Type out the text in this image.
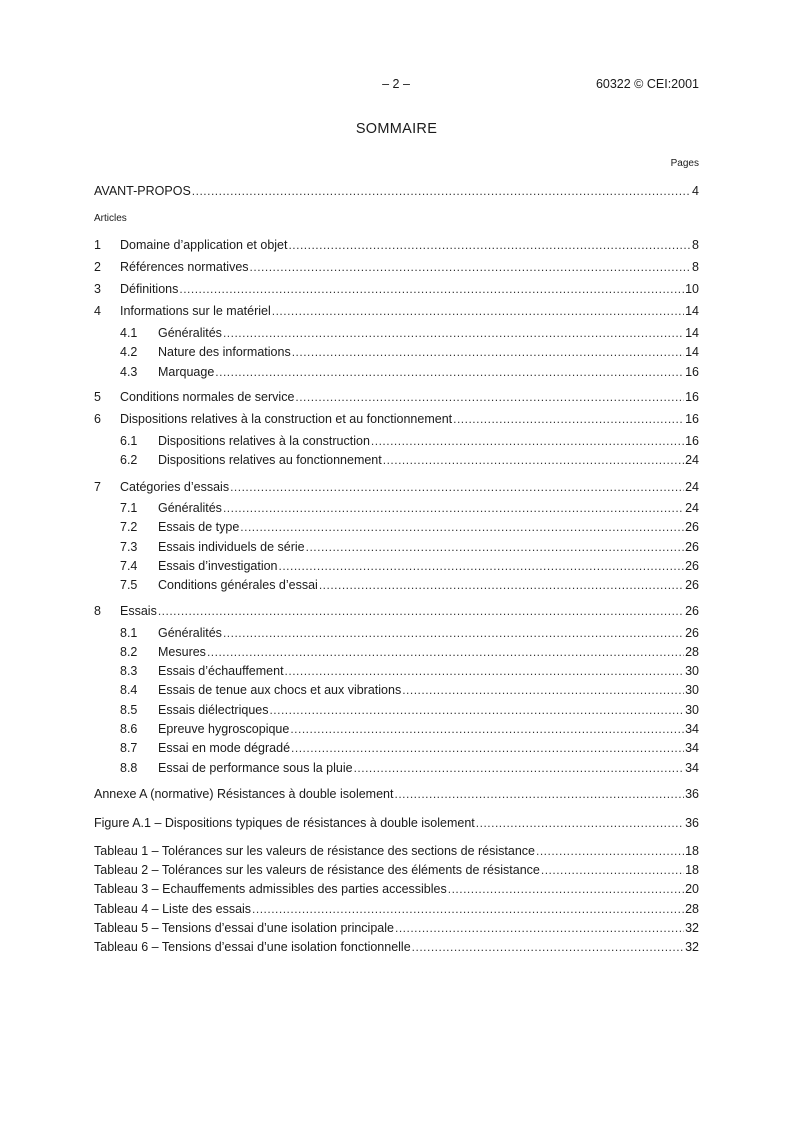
– 2 –	60322 © CEI:2001
SOMMAIRE
Pages
AVANT-PROPOS .....	4
Articles
1	Domaine d’application et objet .....	8
2	Références normatives .....	8
3	Définitions .....	10
4	Informations sur le matériel .....	14
4.1	Généralités .....	14
4.2	Nature des informations .....	14
4.3	Marquage .....	16
5	Conditions normales de service .....	16
6	Dispositions relatives à la construction et au fonctionnement .....	16
6.1	Dispositions relatives à la construction .....	16
6.2	Dispositions relatives au fonctionnement .....	24
7	Catégories d’essais .....	24
7.1	Généralités .....	24
7.2	Essais de type .....	26
7.3	Essais individuels de série .....	26
7.4	Essais d’investigation .....	26
7.5	Conditions générales d’essai .....	26
8	Essais .....	26
8.1	Généralités .....	26
8.2	Mesures .....	28
8.3	Essais d’échauffement .....	30
8.4	Essais de tenue aux chocs et aux vibrations .....	30
8.5	Essais diélectriques .....	30
8.6	Epreuve hygroscopique .....	34
8.7	Essai en mode dégradé .....	34
8.8	Essai de performance sous la pluie .....	34
Annexe A (normative) Résistances à double isolement .....	36
Figure A.1 – Dispositions typiques de résistances à double isolement .....	36
Tableau 1 – Tolérances sur les valeurs de résistance des sections de résistance .....	18
Tableau 2 – Tolérances sur les valeurs de résistance des éléments de résistance .....	18
Tableau 3 – Echauffements admissibles des parties accessibles .....	20
Tableau 4 – Liste des essais .....	28
Tableau 5 – Tensions d’essai d’une isolation principale .....	32
Tableau 6 – Tensions d’essai d’une isolation fonctionnelle .....	32
